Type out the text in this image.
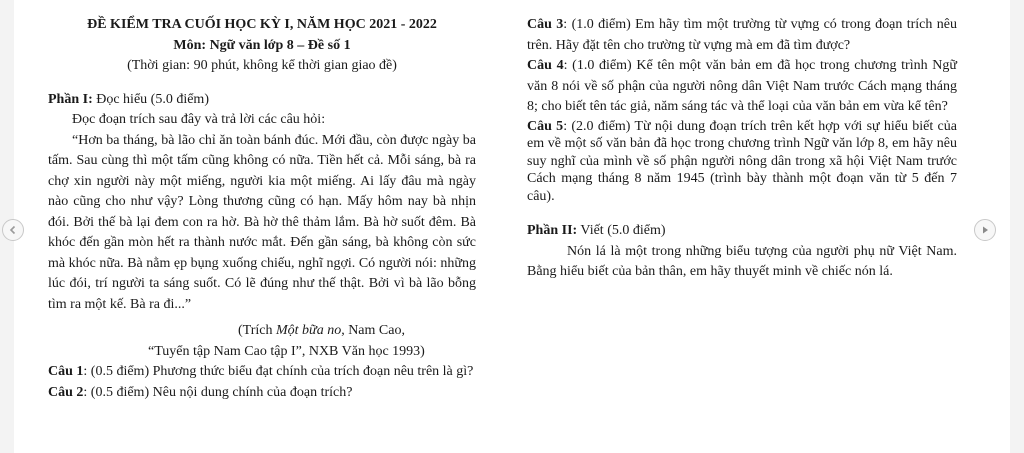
ĐỀ KIỂM TRA CUỐI HỌC KỲ I, NĂM HỌC 2021 - 2022

Môn: Ngữ văn lớp 8 – Đề số 1

(Thời gian: 90 phút, không kể thời gian giao đề)

Phần I: Đọc hiểu (5.0 điểm)

Đọc đoạn trích sau đây và trả lời các câu hỏi:

“Hơn ba tháng, bà lão chỉ ăn toàn bánh đúc. Mới đầu, còn được ngày ba tấm. Sau cùng thì một tấm cũng không có nữa. Tiền hết cả. Mỗi sáng, bà ra chợ xin người này một miếng, người kia một miếng. Ai lấy đâu mà ngày nào cũng cho như vậy? Lòng thương cũng có hạn. Mấy hôm nay bà nhịn đói. Bởi thế bà lại đem con ra hờ. Bà hờ thê thảm lắm. Bà hờ suốt đêm. Bà khóc đến gần mòn hết ra thành nước mắt. Đến gần sáng, bà không còn sức mà khóc nữa. Bà nằm ẹp bụng xuống chiếu, nghĩ ngợi. Có người nói: những lúc đói, trí người ta sáng suốt. Có lẽ đúng như thế thật. Bởi vì bà lão bỗng tìm ra một kế. Bà ra đi...”

(Trích Một bữa no, Nam Cao,

“Tuyển tập Nam Cao tập I”, NXB Văn học 1993)

Câu 1: (0.5 điểm) Phương thức biểu đạt chính của trích đoạn nêu trên là gì?

Câu 2: (0.5 điểm) Nêu nội dung chính của đoạn trích?

Câu 3: (1.0 điểm) Em hãy tìm một trường từ vựng có trong đoạn trích nêu trên. Hãy đặt tên cho trường từ vựng mà em đã tìm được?

Câu 4: (1.0 điểm) Kể tên một văn bản em đã học trong chương trình Ngữ văn 8 nói về số phận của người nông dân Việt Nam trước Cách mạng tháng 8; cho biết tên tác giả, năm sáng tác và thể loại của văn bản em vừa kể tên?

Câu 5: (2.0 điểm) Từ nội dung đoạn trích trên kết hợp với sự hiểu biết của em về một số văn bản đã học trong chương trình Ngữ văn lớp 8, em hãy nêu suy nghĩ của mình về số phận người nông dân trong xã hội Việt Nam trước Cách mạng tháng 8 năm 1945 (trình bày thành một đoạn văn từ 5 đến 7 câu).

Phần II: Viết (5.0 điểm)

Nón lá là một trong những biểu tượng của người phụ nữ Việt Nam. Bằng hiểu biết của bản thân, em hãy thuyết minh về chiếc nón lá.
